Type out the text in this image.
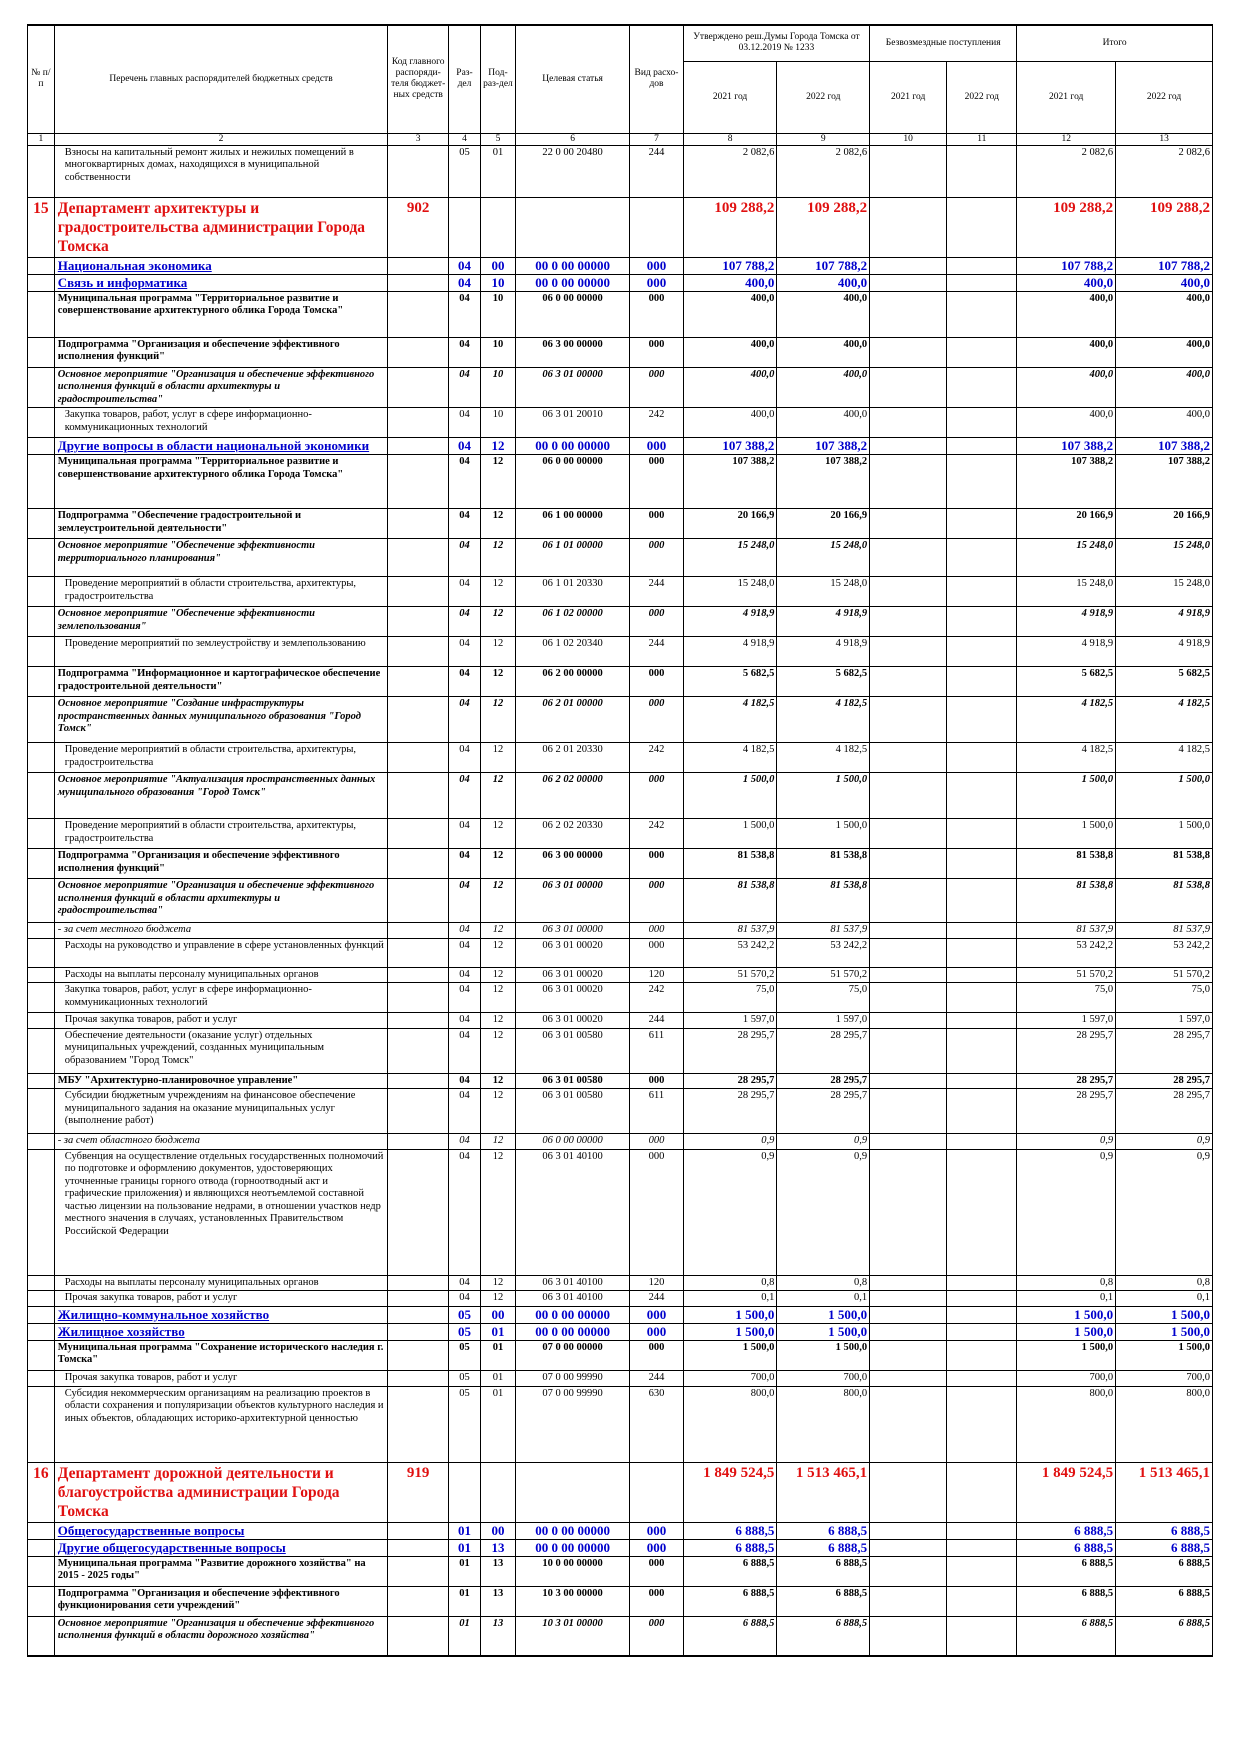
№ п/п	Перечень главных распорядителей бюджетных средств	Код главного распоряди-теля бюджет-ных средств	Раз-дел	Под-раз-дел	Целевая статья	Вид расхо-дов	Утверждено реш.Думы Города Томска от 03.12.2019 № 1233		Безвозмездные поступления		Итого	
							2021 год	2022 год	2021 год	2022 год	2021 год	2022 год
1	2	3	4	5	6	7	8	9	10	11	12	13
	Взносы на капитальный ремонт жилых и нежилых помещений в многоквартирных домах, находящихся в муниципальной собственности		05	01	22 0 00 20480	244	2 082,6	2 082,6			2 082,6	2 082,6
15	Департамент архитектуры и градостроительства администрации Города Томска	902					109 288,2	109 288,2			109 288,2	109 288,2
	Национальная экономика		04	00	00 0 00 00000	000	107 788,2	107 788,2			107 788,2	107 788,2
	Связь и информатика		04	10	00 0 00 00000	000	400,0	400,0			400,0	400,0
	Муниципальная программа "Территориальное развитие и совершенствование архитектурного облика Города Томска"		04	10	06 0 00 00000	000	400,0	400,0			400,0	400,0
	Подпрограмма "Организация и обеспечение эффективного исполнения функций"		04	10	06 3 00 00000	000	400,0	400,0			400,0	400,0
	Основное мероприятие "Организация и обеспечение эффективного исполнения функций в области архитектуры и градостроительства"		04	10	06 3 01 00000	000	400,0	400,0			400,0	400,0
	Закупка товаров, работ, услуг в сфере информационно-коммуникационных технологий		04	10	06 3 01 20010	242	400,0	400,0			400,0	400,0
	Другие вопросы в области национальной экономики		04	12	00 0 00 00000	000	107 388,2	107 388,2			107 388,2	107 388,2
	Муниципальная программа "Территориальное развитие и совершенствование архитектурного облика Города Томска"		04	12	06 0 00 00000	000	107 388,2	107 388,2			107 388,2	107 388,2
	Подпрограмма "Обеспечение градостроительной и землеустроительной деятельности"		04	12	06 1 00 00000	000	20 166,9	20 166,9			20 166,9	20 166,9
	Основное мероприятие "Обеспечение эффективности территориального планирования"		04	12	06 1 01 00000	000	15 248,0	15 248,0			15 248,0	15 248,0
	Проведение мероприятий в области строительства, архитектуры, градостроительства		04	12	06 1 01 20330	244	15 248,0	15 248,0			15 248,0	15 248,0
	Основное мероприятие "Обеспечение эффективности землепользования"		04	12	06 1 02 00000	000	4 918,9	4 918,9			4 918,9	4 918,9
	Проведение мероприятий по землеустройству и землепользованию		04	12	06 1 02 20340	244	4 918,9	4 918,9			4 918,9	4 918,9
	Подпрограмма "Информационное и картографическое обеспечение градостроительной деятельности"		04	12	06 2 00 00000	000	5 682,5	5 682,5			5 682,5	5 682,5
	Основное мероприятие "Создание инфраструктуры пространственных данных муниципального образования "Город Томск"		04	12	06 2 01 00000	000	4 182,5	4 182,5			4 182,5	4 182,5
	Проведение мероприятий в области строительства, архитектуры, градостроительства		04	12	06 2 01 20330	242	4 182,5	4 182,5			4 182,5	4 182,5
	Основное мероприятие "Актуализация пространственных данных муниципального образования "Город Томск"		04	12	06 2 02 00000	000	1 500,0	1 500,0			1 500,0	1 500,0
	Проведение мероприятий в области строительства, архитектуры, градостроительства		04	12	06 2 02 20330	242	1 500,0	1 500,0			1 500,0	1 500,0
	Подпрограмма "Организация и обеспечение эффективного исполнения функций"		04	12	06 3 00 00000	000	81 538,8	81 538,8			81 538,8	81 538,8
	Основное мероприятие "Организация и обеспечение эффективного исполнения функций в области архитектуры и градостроительства"		04	12	06 3 01 00000	000	81 538,8	81 538,8			81 538,8	81 538,8
	- за счет местного бюджета		04	12	06 3 01 00000	000	81 537,9	81 537,9			81 537,9	81 537,9
	Расходы на руководство и управление в сфере установленных функций		04	12	06 3 01 00020	000	53 242,2	53 242,2			53 242,2	53 242,2
	Расходы на выплаты персоналу муниципальных органов		04	12	06 3 01 00020	120	51 570,2	51 570,2			51 570,2	51 570,2
	Закупка товаров, работ, услуг в сфере информационно-коммуникационных технологий		04	12	06 3 01 00020	242	75,0	75,0			75,0	75,0
	Прочая закупка товаров, работ и услуг		04	12	06 3 01 00020	244	1 597,0	1 597,0			1 597,0	1 597,0
	Обеспечение деятельности (оказание услуг) отдельных муниципальных учреждений, созданных муниципальным образованием "Город Томск"		04	12	06 3 01 00580	611	28 295,7	28 295,7			28 295,7	28 295,7
	МБУ "Архитектурно-планировочное управление"		04	12	06 3 01 00580	000	28 295,7	28 295,7			28 295,7	28 295,7
	Субсидии бюджетным учреждениям на финансовое обеспечение муниципального задания на оказание муниципальных услуг (выполнение работ)		04	12	06 3 01 00580	611	28 295,7	28 295,7			28 295,7	28 295,7
	- за счет областного бюджета		04	12	06 0 00 00000	000	0,9	0,9			0,9	0,9
	Субвенция на осуществление отдельных государственных полномочий по подготовке и оформлению документов, удостоверяющих уточненные границы горного отвода (горноотводный акт и графические приложения) и являющихся неотъемлемой составной частью лицензии на пользование недрами, в отношении участков недр местного значения в случаях, установленных Правительством Российской Федерации		04	12	06 3 01 40100	000	0,9	0,9			0,9	0,9
	Расходы на выплаты персоналу муниципальных органов		04	12	06 3 01 40100	120	0,8	0,8			0,8	0,8
	Прочая закупка товаров, работ и услуг		04	12	06 3 01 40100	244	0,1	0,1			0,1	0,1
	Жилищно-коммунальное хозяйство		05	00	00 0 00 00000	000	1 500,0	1 500,0			1 500,0	1 500,0
	Жилищное хозяйство		05	01	00 0 00 00000	000	1 500,0	1 500,0			1 500,0	1 500,0
	Муниципальная программа "Сохранение исторического наследия г. Томска"		05	01	07 0 00 00000	000	1 500,0	1 500,0			1 500,0	1 500,0
	Прочая закупка товаров, работ и услуг		05	01	07 0 00 99990	244	700,0	700,0			700,0	700,0
	Субсидия некоммерческим организациям на реализацию проектов в области сохранения и популяризации объектов культурного наследия и иных объектов, обладающих историко-архитектурной ценностью		05	01	07 0 00 99990	630	800,0	800,0			800,0	800,0
16	Департамент дорожной деятельности и благоустройства администрации Города Томска	919					1 849 524,5	1 513 465,1			1 849 524,5	1 513 465,1
	Общегосударственные вопросы		01	00	00 0 00 00000	000	6 888,5	6 888,5			6 888,5	6 888,5
	Другие общегосударственные вопросы		01	13	00 0 00 00000	000	6 888,5	6 888,5			6 888,5	6 888,5
	Муниципальная программа "Развитие дорожного хозяйства" на 2015 - 2025 годы"		01	13	10 0 00 00000	000	6 888,5	6 888,5			6 888,5	6 888,5
	Подпрограмма "Организация и обеспечение эффективного функционирования сети учреждений"		01	13	10 3 00 00000	000	6 888,5	6 888,5			6 888,5	6 888,5
	Основное мероприятие "Организация и обеспечение эффективного исполнения функций в области дорожного хозяйства"		01	13	10 3 01 00000	000	6 888,5	6 888,5			6 888,5	6 888,5
